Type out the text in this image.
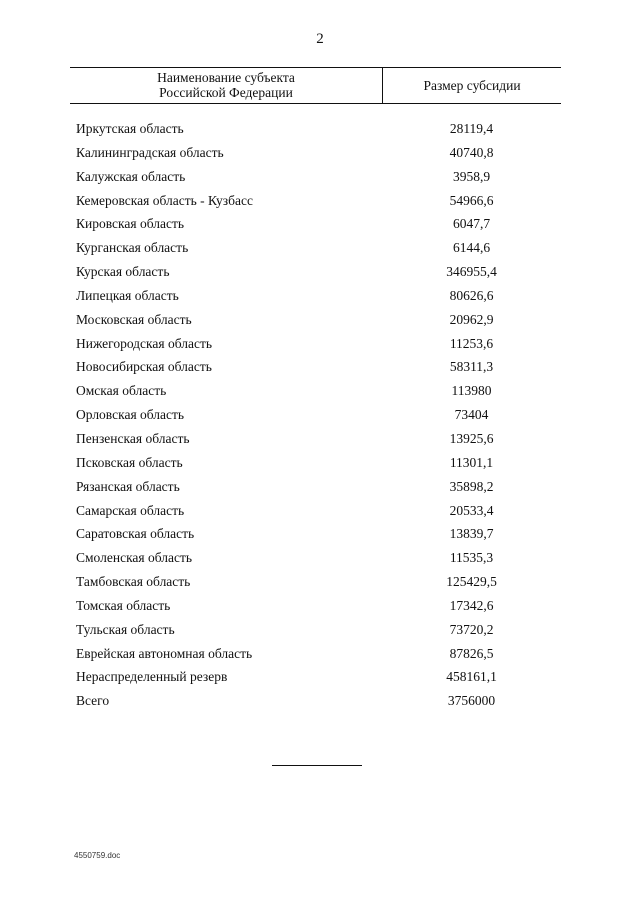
2
Наименование субъекта
Российской Федерации	Размер субсидии
Иркутская область	28119,4
Калининградская область	40740,8
Калужская область	3958,9
Кемеровская область - Кузбасс	54966,6
Кировская область	6047,7
Курганская область	6144,6
Курская область	346955,4
Липецкая область	80626,6
Московская область	20962,9
Нижегородская область	11253,6
Новосибирская область	58311,3
Омская область	113980
Орловская область	73404
Пензенская область	13925,6
Псковская область	11301,1
Рязанская область	35898,2
Самарская область	20533,4
Саратовская область	13839,7
Смоленская область	11535,3
Тамбовская область	125429,5
Томская область	17342,6
Тульская область	73720,2
Еврейская автономная область	87826,5
Нераспределенный резерв	458161,1
Всего	3756000
4550759.doc
